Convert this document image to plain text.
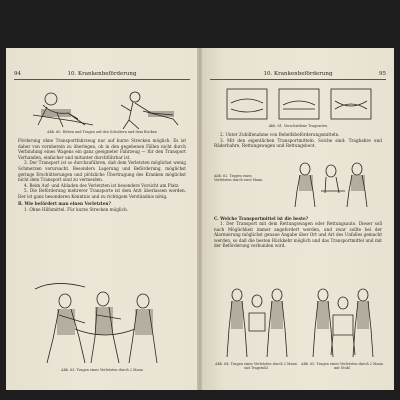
94	10. Krankenbeförderung
Abb. 60. Heben und Tragen auf den Schultern und dem Rücken

Förderung ohne Transportfahrzeug nur auf kurze Strecken möglich. Es ist daher von vornherein zu überlegen, ob in den gegebenen Fällen nicht durch Verbindung eines Wagens ein ganz geeigneter Fahrzeug — für den Transport Vorhanden, einfacher und mitunter durchführbar ist.

3. Der Transport ist so durchzuführen, daß dem Verletzten möglichst wenig Schmerzen verursacht. Besonders Lagerung und Beförderung, möglichst geringe Erschütterungen und plötzliche Übertragung des Kranken möglichst nicht dem Transport sind zu vermeiden.

4. Beim Auf- und Abladen des Verletzten ist besondere Vorsicht am Platz.

5. Die Beförderung mehrerer Transporte ist dem Arzt überlassen werden. Der ist ganz besonderen Kenntnis und zu richtigem Verständnis nötig.

B. Wie befördert man einen Verletzten?

1. Ohne Hilfsmittel. Für kurze Strecken möglich.

Abb. 63. Tragen eines Verletzten durch 2 Mann
10. Krankenbeförderung	95
Abb. 61. Verschiedene Tragearten

2. Unter Zuhilfenahme von Behelfsbeförderungsmitteln.

3. Mit den eigentlichen Transportmitteln. Solche sind: Tragbahre und Räderbahre, Rettungswagen und Rettungsboot.

Abb. 62. Tragen eines Verletzten durch zwei Mann

C. Welche Transportmittel ist die beste?

1. Der Transport mit dem Rettungswagen oder Rettungsauto. Dieser soll nach Möglichkeit immer angefordert werden, und zwar sollte bei der Alarmierung möglichst genaue Angabe über Ort und Art des Unfalles gemacht werden, so daß die besten Rückkehr möglich und das Transportmittel und mit der Beförderung verbunden wird.

Abb. 64. Tragen eines Verletzten durch 2 Mann mit Tragstuhl
Abb. 65. Tragen eines Verletzten durch 2 Mann mit Stuhl
